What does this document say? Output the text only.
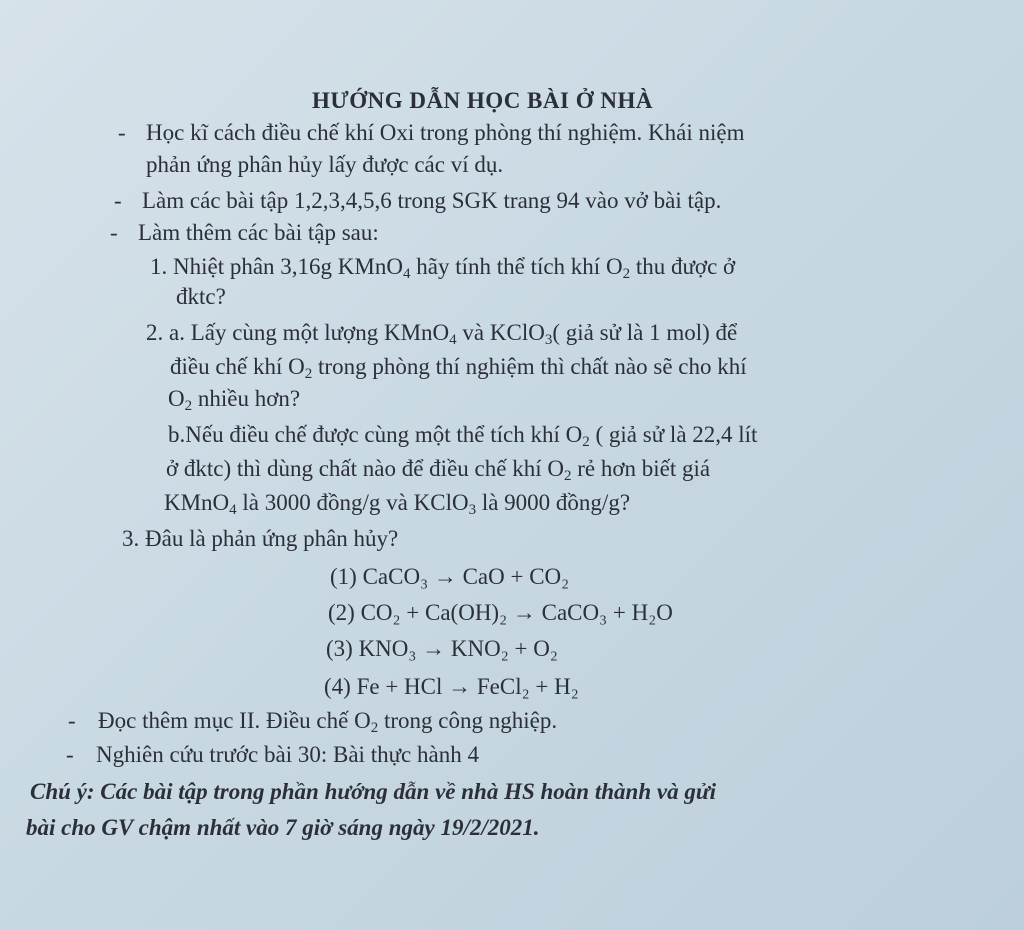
HƯỚNG DẪN HỌC BÀI Ở NHÀ
- Học kĩ cách điều chế khí Oxi trong phòng thí nghiệm. Khái niệm
phản ứng phân hủy lấy được các ví dụ.
- Làm các bài tập 1,2,3,4,5,6 trong SGK trang 94 vào vở bài tập.
- Làm thêm các bài tập sau:
1. Nhiệt phân 3,16g KMnO$_4$ hãy tính thể tích khí $O_2$ thu được ở
đktc?
2. a. Lấy cùng một lượng KMnO$_4$ và KClO$_3$( giả sử là 1 mol) để
điều chế khí $O_2$ trong phòng thí nghiệm thì chất nào sẽ cho khí
$O_2$ nhiều hơn?
b.Nếu điều chế được cùng một thể tích khí $O_2$ ( giả sử là 22,4 lít
ở đktc) thì dùng chất nào để điều chế khí $O_2$ rẻ hơn biết giá
KMnO$_4$ là 3000 đồng/g và KClO$_3$ là 9000 đồng/g?
3. Đâu là phản ứng phân hủy?
(1) CaCO₃ → CaO + CO₂
(2) CO₂ + Ca(OH)₂ → CaCO₃ + H₂O
(3) KNO₃ → KNO₂ + O₂
(4) Fe + HCl → FeCl₂ + H₂
- Đọc thêm mục II. Điều chế $O_2$ trong công nghiệp.
- Nghiên cứu trước bài 30: Bài thực hành 4
Chú ý: Các bài tập trong phần hướng dẫn về nhà HS hoàn thành và gửi
bài cho GV chậm nhất vào 7 giờ sáng ngày 19/2/2021.
